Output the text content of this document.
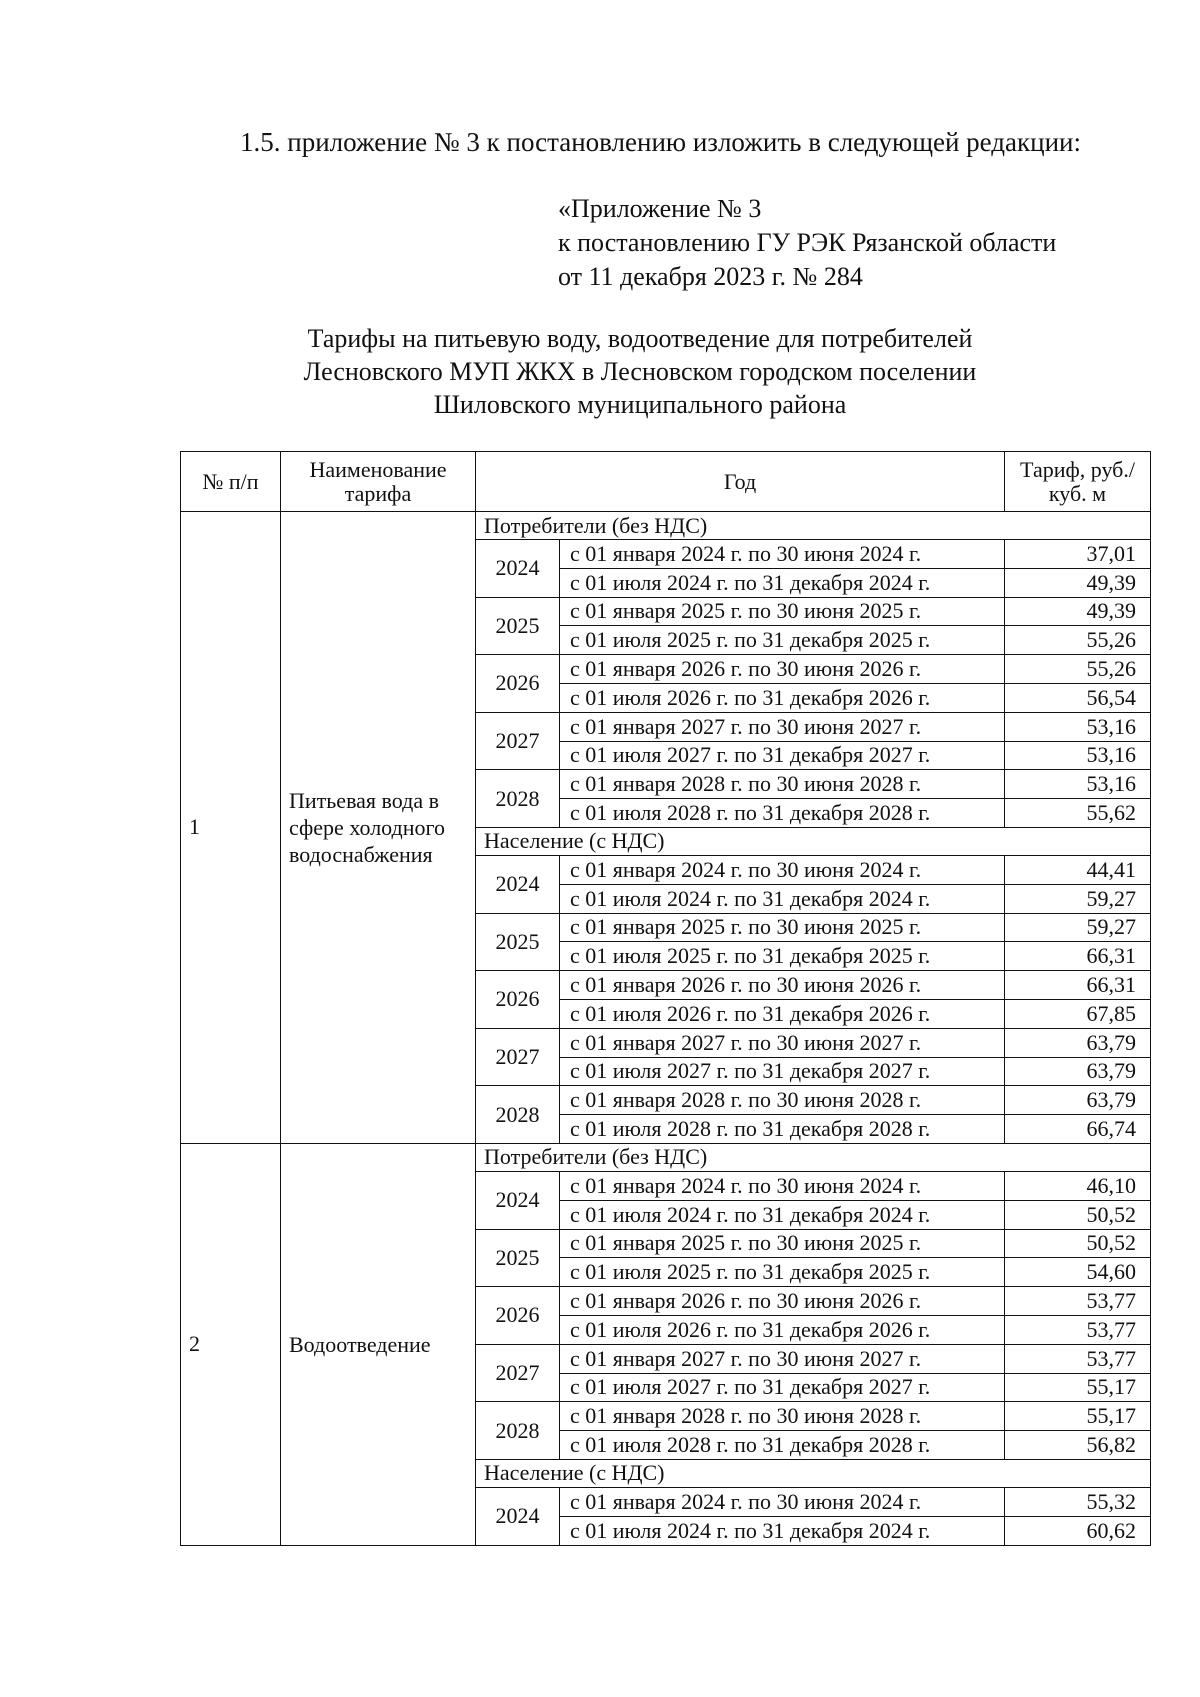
1.5. приложение № 3 к постановлению изложить в следующей редакции:
«Приложение № 3
к постановлению ГУ РЭК Рязанской области
от 11 декабря 2023 г. № 284
Тарифы на питьевую воду, водоотведение для потребителей
Лесновского МУП ЖКХ в Лесновском городском поселении
Шиловского муниципального района
№ п/п	Наименование тарифа	Год		Тариф, руб./куб. м
1	Питьевая вода в сфере холодного водоснабжения	Потребители (без НДС)		
		2024	с 01 января 2024 г. по 30 июня 2024 г.	37,01
			с 01 июля 2024 г. по 31 декабря 2024 г.	49,39
		2025	с 01 января 2025 г. по 30 июня 2025 г.	49,39
			с 01 июля 2025 г. по 31 декабря 2025 г.	55,26
		2026	с 01 января 2026 г. по 30 июня 2026 г.	55,26
			с 01 июля 2026 г. по 31 декабря 2026 г.	56,54
		2027	с 01 января 2027 г. по 30 июня 2027 г.	53,16
			с 01 июля 2027 г. по 31 декабря 2027 г.	53,16
		2028	с 01 января 2028 г. по 30 июня 2028 г.	53,16
			с 01 июля 2028 г. по 31 декабря 2028 г.	55,62
		Население (с НДС)		
		2024	с 01 января 2024 г. по 30 июня 2024 г.	44,41
			с 01 июля 2024 г. по 31 декабря 2024 г.	59,27
		2025	с 01 января 2025 г. по 30 июня 2025 г.	59,27
			с 01 июля 2025 г. по 31 декабря 2025 г.	66,31
		2026	с 01 января 2026 г. по 30 июня 2026 г.	66,31
			с 01 июля 2026 г. по 31 декабря 2026 г.	67,85
		2027	с 01 января 2027 г. по 30 июня 2027 г.	63,79
			с 01 июля 2027 г. по 31 декабря 2027 г.	63,79
		2028	с 01 января 2028 г. по 30 июня 2028 г.	63,79
			с 01 июля 2028 г. по 31 декабря 2028 г.	66,74
2	Водоотведение	Потребители (без НДС)		
		2024	с 01 января 2024 г. по 30 июня 2024 г.	46,10
			с 01 июля 2024 г. по 31 декабря 2024 г.	50,52
		2025	с 01 января 2025 г. по 30 июня 2025 г.	50,52
			с 01 июля 2025 г. по 31 декабря 2025 г.	54,60
		2026	с 01 января 2026 г. по 30 июня 2026 г.	53,77
			с 01 июля 2026 г. по 31 декабря 2026 г.	53,77
		2027	с 01 января 2027 г. по 30 июня 2027 г.	53,77
			с 01 июля 2027 г. по 31 декабря 2027 г.	55,17
		2028	с 01 января 2028 г. по 30 июня 2028 г.	55,17
			с 01 июля 2028 г. по 31 декабря 2028 г.	56,82
		Население (с НДС)		
		2024	с 01 января 2024 г. по 30 июня 2024 г.	55,32
			с 01 июля 2024 г. по 31 декабря 2024 г.	60,62
